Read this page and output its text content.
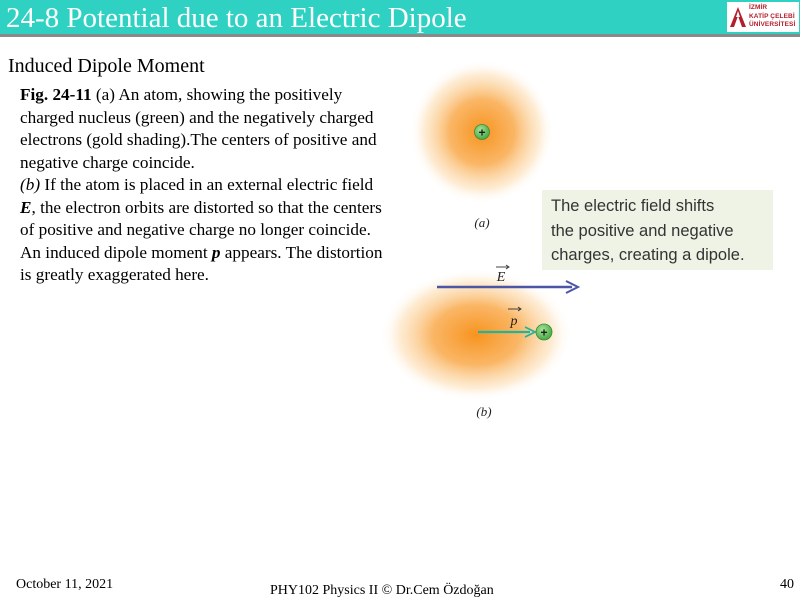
24-8 Potential due to an Electric Dipole	İZMİR
KATİP ÇELEBİ
ÜNİVERSİTESİ
Induced Dipole Moment

Fig. 24-11 (a) An atom, showing the positively charged nucleus (green) and the negatively charged electrons (gold shading).The centers of positive and negative charge coincide.

(b) If the atom is placed in an external electric field E, the electron orbits are distorted so that the centers of positive and negative charge no longer coincide. An induced dipole moment p appears. The distortion is greatly exaggerated here.

+
(a)
E
p
+
(b)
The electric field shifts
the positive and negative
charges, creating a dipole.
October 11, 2021	PHY102 Physics II © Dr.Cem Özdoğan	40
